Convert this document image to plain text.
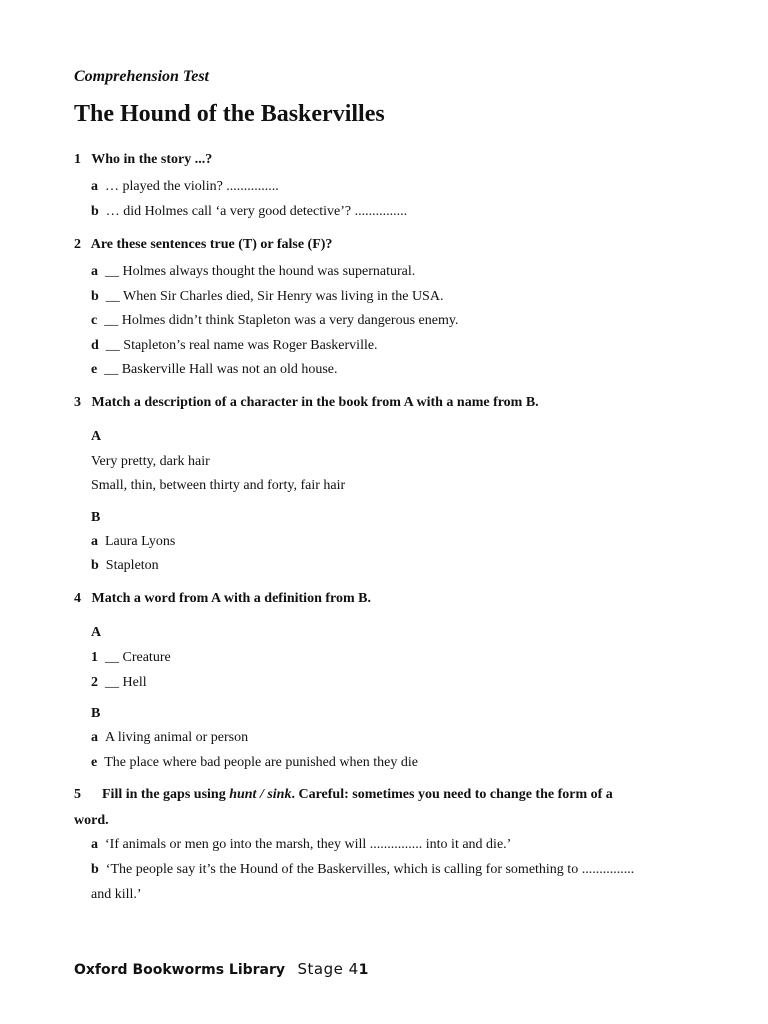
Comprehension Test
The Hound of the Baskervilles
1 Who in the story ...?
a … played the violin? ...............
b … did Holmes call ‘a very good detective’? ...............
2 Are these sentences true (T) or false (F)?
a __ Holmes always thought the hound was supernatural.
b __ When Sir Charles died, Sir Henry was living in the USA.
c __ Holmes didn’t think Stapleton was a very dangerous enemy.
d __ Stapleton’s real name was Roger Baskerville.
e __ Baskerville Hall was not an old house.
3 Match a description of a character in the book from A with a name from B.
A
Very pretty, dark hair
Small, thin, between thirty and forty, fair hair
B
a Laura Lyons
b Stapleton
4 Match a word from A with a definition from B.
A
1 __ Creature
2 __ Hell
B
a A living animal or person
e The place where bad people are punished when they die
5 Fill in the gaps using hunt / sink. Careful: sometimes you need to change the form of a
word.
a ‘If animals or men go into the marsh, they will ............... into it and die.’
b ‘The people say it’s the Hound of the Baskervilles, which is calling for something to ...............
and kill.’
Oxford Bookworms Library Stage 41
